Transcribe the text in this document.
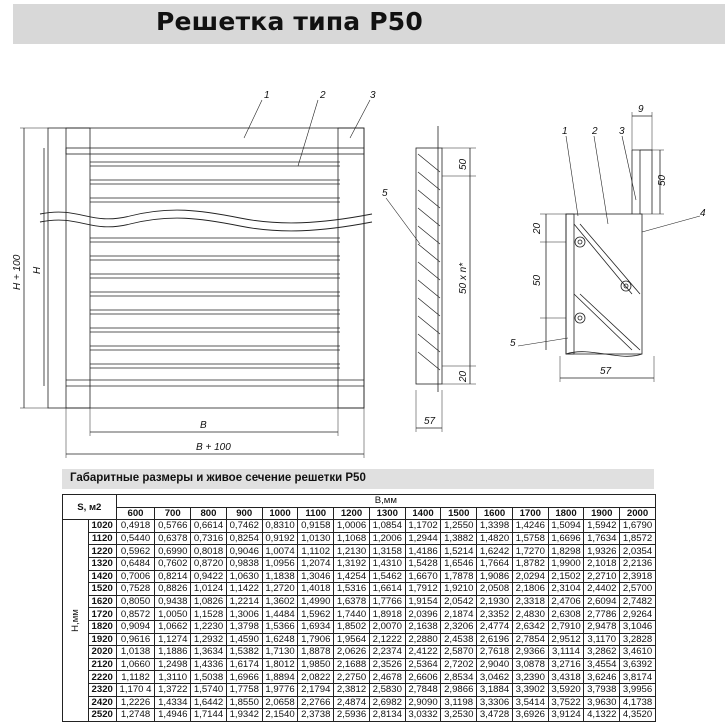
Решетка типа Р50
1	2	3
B
B + 100
H
H + 100
5
50
50 x n*
20
57
1 2 3
4
5
9
50
20
50
57
Габаритные размеры и живое сечение решетки Р50
S, м2		В,мм														
		600	700	800	900	1000	1100	1200	1300	1400	1500	1600	1700	1800	1900	2000

Н,мм	1020	0,4918	0,5766	0,6614	0,7462	0,8310	0,9158	1,0006	1,0854	1,1702	1,2550	1,3398	1,4246	1,5094	1,5942	1,6790
	1120	0,5440	0,6378	0,7316	0,8254	0,9192	1,0130	1,1068	1,2006	1,2944	1,3882	1,4820	1,5758	1,6696	1,7634	1,8572
	1220	0,5962	0,6990	0,8018	0,9046	1,0074	1,1102	1,2130	1,3158	1,4186	1,5214	1,6242	1,7270	1,8298	1,9326	2,0354
	1320	0,6484	0,7602	0,8720	0,9838	1,0956	1,2074	1,3192	1,4310	1,5428	1,6546	1,7664	1,8782	1,9900	2,1018	2,2136
	1420	0,7006	0,8214	0,9422	1,0630	1,1838	1,3046	1,4254	1,5462	1,6670	1,7878	1,9086	2,0294	2,1502	2,2710	2,3918
	1520	0,7528	0,8826	1,0124	1,1422	1,2720	1,4018	1,5316	1,6614	1,7912	1,9210	2,0508	2,1806	2,3104	2,4402	2,5700
	1620	0,8050	0,9438	1,0826	1,2214	1,3602	1,4990	1,6378	1,7766	1,9154	2,0542	2,1930	2,3318	2,4706	2,6094	2,7482
	1720	0,8572	1,0050	1,1528	1,3006	1,4484	1,5962	1,7440	1,8918	2,0396	2,1874	2,3352	2,4830	2,6308	2,7786	2,9264
	1820	0,9094	1,0662	1,2230	1,3798	1,5366	1,6934	1,8502	2,0070	2,1638	2,3206	2,4774	2,6342	2,7910	2,9478	3,1046
	1920	0,9616	1,1274	1,2932	1,4590	1,6248	1,7906	1,9564	2,1222	2,2880	2,4538	2,6196	2,7854	2,9512	3,1170	3,2828
	2020	1,0138	1,1886	1,3634	1,5382	1,7130	1,8878	2,0626	2,2374	2,4122	2,5870	2,7618	2,9366	3,1114	3,2862	3,4610
	2120	1,0660	1,2498	1,4336	1,6174	1,8012	1,9850	2,1688	2,3526	2,5364	2,7202	2,9040	3,0878	3,2716	3,4554	3,6392
	2220	1,1182	1,3110	1,5038	1,6966	1,8894	2,0822	2,2750	2,4678	2,6606	2,8534	3,0462	3,2390	3,4318	3,6246	3,8174
	2320	1,170 4	1,3722	1,5740	1,7758	1,9776	2,1794	2,3812	2,5830	2,7848	2,9866	3,1884	3,3902	3,5920	3,7938	3,9956
	2420	1,2226	1,4334	1,6442	1,8550	2,0658	2,2766	2,4874	2,6982	2,9090	3,1198	3,3306	3,5414	3,7522	3,9630	4,1738
	2520	1,2748	1,4946	1,7144	1,9342	2,1540	2,3738	2,5936	2,8134	3,0332	3,2530	3,4728	3,6926	3,9124	4,1322	4,3520
